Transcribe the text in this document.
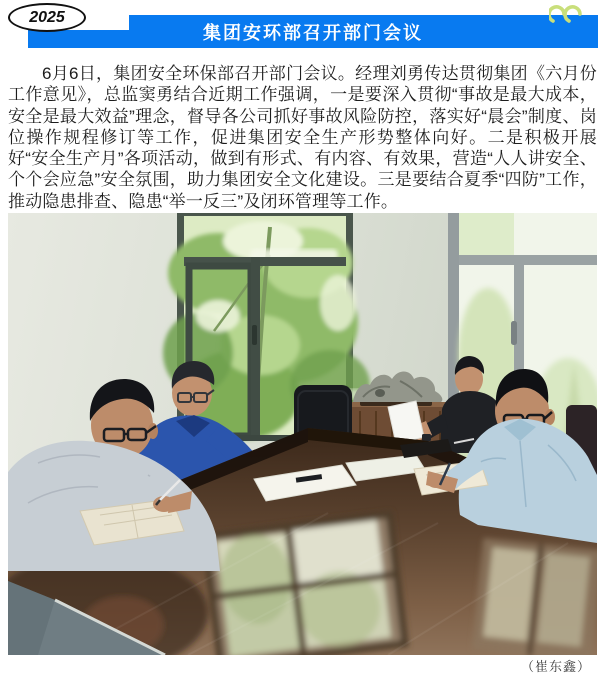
集团安环部召开部门会议
2025
6月6日，集团安全环保部召开部门会议。经理刘勇传达贯彻集团《六月份工作意见》，总监窦勇结合近期工作强调，一是要深入贯彻“事故是最大成本，安全是最大效益”理念，督导各公司抓好事故风险防控，落实好“晨会”制度、岗位操作规程修订等工作，促进集团安全生产形势整体向好。二是积极开展好“安全生产月”各项活动，做到有形式、有内容、有效果，营造“人人讲安全、个个会应急”安全氛围，助力集团安全文化建设。三是要结合夏季“四防”工作，推动隐患排查、隐患“举一反三”及闭环管理等工作。
（崔东鑫）
